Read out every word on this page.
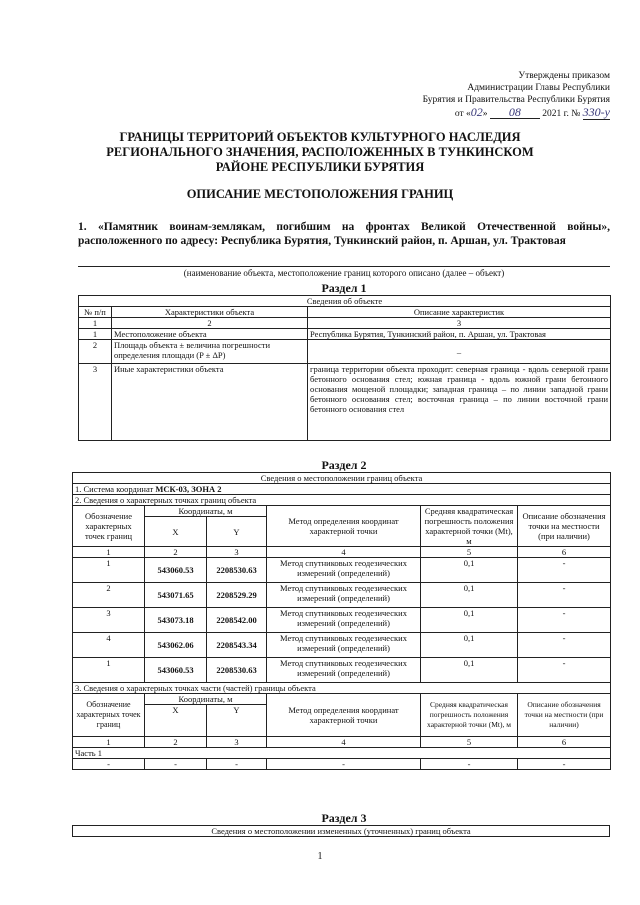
Утверждены приказом
Администрации Главы Республики
Бурятия и Правительства Республики Бурятия
от «02» 08 2021 г. № 330-у
ГРАНИЦЫ ТЕРРИТОРИЙ ОБЪЕКТОВ КУЛЬТУРНОГО НАСЛЕДИЯ РЕГИОНАЛЬНОГО ЗНАЧЕНИЯ, РАСПОЛОЖЕННЫХ В ТУНКИНСКОМ РАЙОНЕ РЕСПУБЛИКИ БУРЯТИЯ
ОПИСАНИЕ МЕСТОПОЛОЖЕНИЯ ГРАНИЦ
1. «Памятник воинам-землякам, погибшим на фронтах Великой Отечественной войны», расположенного по адресу: Республика Бурятия, Тункинский район, п. Аршан, ул. Трактовая
(наименование объекта, местоположение границ которого описано (далее – объект)
Раздел 1
Сведения об объекте		
№ п/п	Характеристики объекта	Описание характеристик
1	2	3
1	Местоположение объекта	Республика Бурятия, Тункинский район, п. Аршан, ул. Трактовая
2	Площадь объекта ± величина погрешности определения площади (P ± ΔP)	–
3	Иные характеристики объекта	граница территории объекта проходит: северная граница - вдоль северной грани бетонного основания стел; южная граница - вдоль южной грани бетонного основания мощеной площадки; западная граница – по линии западной грани бетонного основания стел; восточная граница – по линии восточной грани бетонного основания стел
Раздел 2
Сведения о местоположении границ объекта					
1. Система координат МСК-03, ЗОНА 2					
2. Сведения о характерных точках границ объекта					
Обозначение характерных точек границ	Координаты, м		Метод определения координат характерной точки	Средняя квадратическая погрешность положения характерной точки (Mt), м	Описание обозначения точки на местности (при наличии)
	X	Y			
1	2	3	4	5	6
1	543060.53	2208530.63	Метод спутниковых геодезических измерений (определений)	0,1	-
2	543071.65	2208529.29	Метод спутниковых геодезических измерений (определений)	0,1	-
3	543073.18	2208542.00	Метод спутниковых геодезических измерений (определений)	0,1	-
4	543062.06	2208543.34	Метод спутниковых геодезических измерений (определений)	0,1	-
1	543060.53	2208530.63	Метод спутниковых геодезических измерений (определений)	0,1	-
3. Сведения о характерных точках части (частей) границы объекта					
Обозначение характерных точек границ	Координаты, м		Метод определения координат характерной точки	Средняя квадратическая погрешность положения характерной точки (Mt), м	Описание обозначения точки на местности (при наличии)
	X	Y			
1	2	3	4	5	6
Часть 1					
-	-	-	-	-	-
Раздел 3
Сведения о местоположении измененных (уточненных) границ объекта
1
